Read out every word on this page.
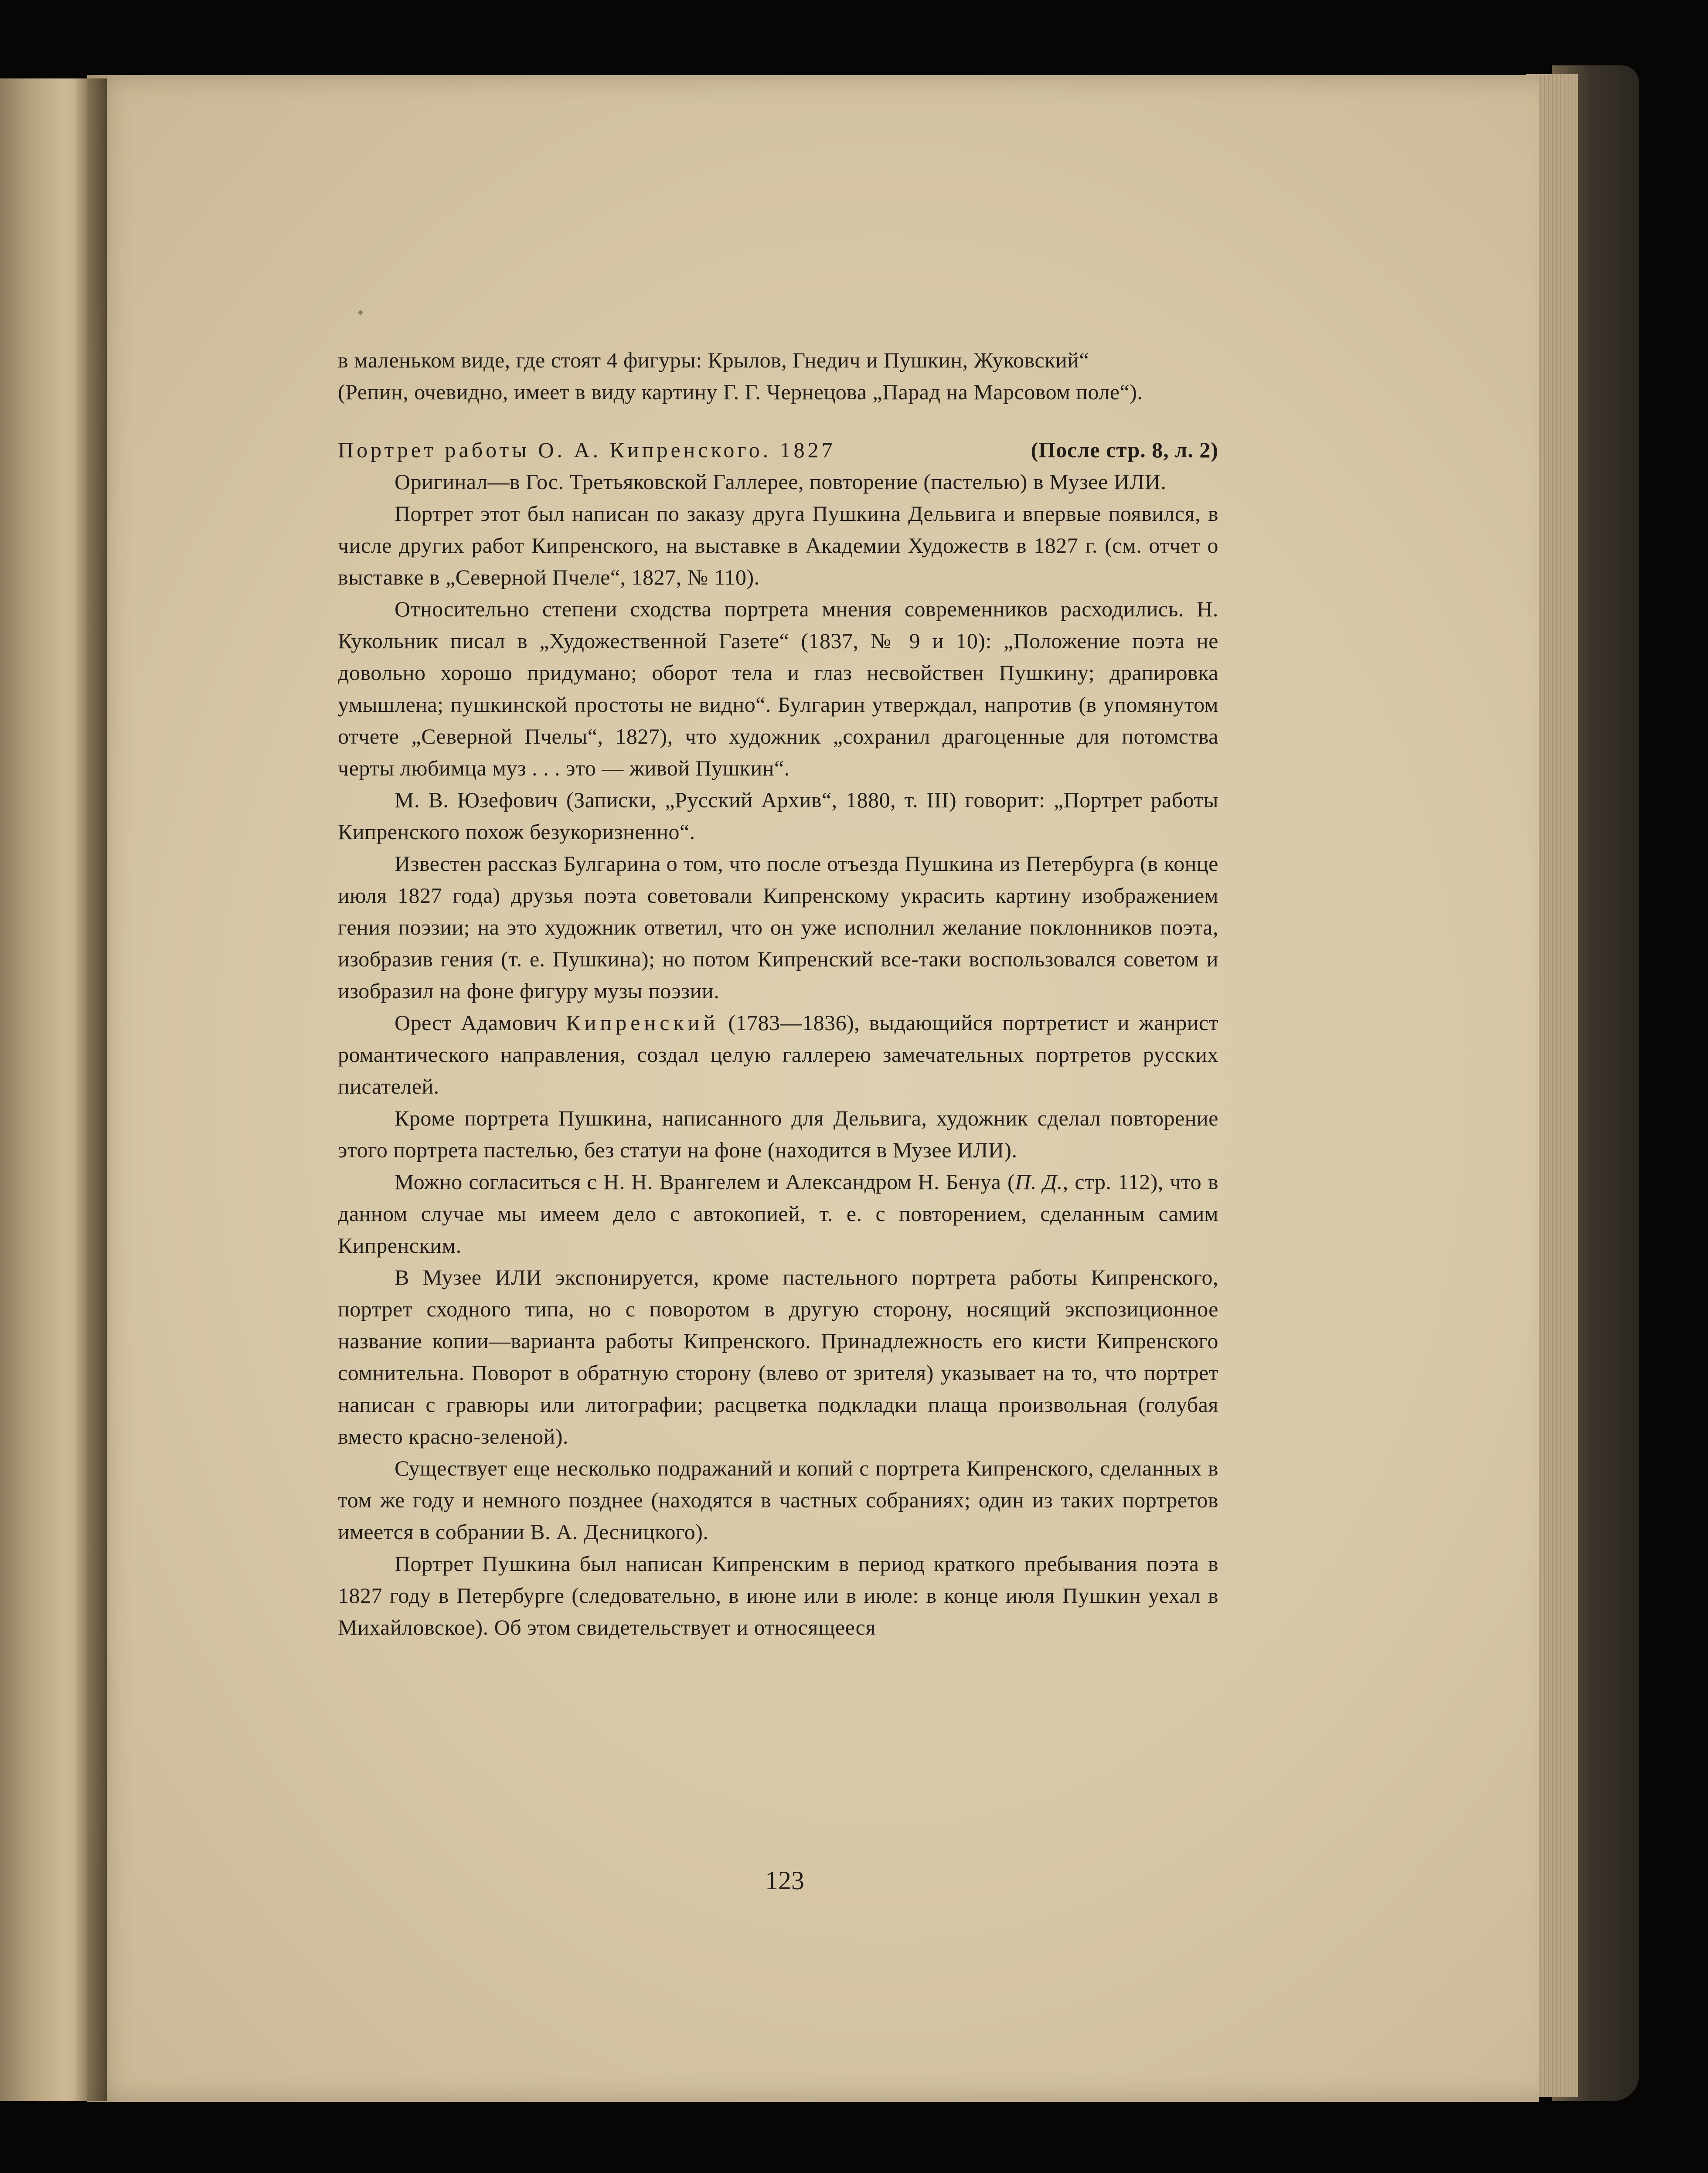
в маленьком виде, где стоят 4 фигуры: Крылов, Гнедич и Пушкин, Жуковский“

(Репин, очевидно, имеет в виду картину Г. Г. Чернецова „Парад на Марсовом поле“).

Портрет работы О. А. Кипренского. 1827	(После стр. 8, л. 2)

Оригинал—в Гос. Третьяковской Галлерее, повторение (пастелью) в Музее ИЛИ.

Портрет этот был написан по заказу друга Пушкина Дельвига и впервые появился, в числе других работ Кипренского, на выставке в Академии Художеств в 1827 г. (см. отчет о выставке в „Северной Пчеле“, 1827, № 110).

Относительно степени сходства портрета мнения современников расходились. Н. Кукольник писал в „Художественной Газете“ (1837, № 9 и 10): „Положение поэта не довольно хорошо придумано; оборот тела и глаз несвойствен Пушкину; драпировка умышлена; пушкинской простоты не видно“. Булгарин утверждал, напротив (в упомянутом отчете „Северной Пчелы“, 1827), что художник „сохранил драгоценные для потомства черты любимца муз . . . это — живой Пушкин“.

М. В. Юзефович (Записки, „Русский Архив“, 1880, т. III) говорит: „Портрет работы Кипренского похож безукоризненно“.

Известен рассказ Булгарина о том, что после отъезда Пушкина из Петербурга (в конце июля 1827 года) друзья поэта советовали Кипренскому украсить картину изображением гения поэзии; на это художник ответил, что он уже исполнил желание поклонников поэта, изобразив гения (т. е. Пушкина); но потом Кипренский все-таки воспользовался советом и изобразил на фоне фигуру музы поэзии.

Орест Адамович Кипренский (1783—1836), выдающийся портретист и жанрист романтического направления, создал целую галлерею замечательных портретов русских писателей.

Кроме портрета Пушкина, написанного для Дельвига, художник сделал повторение этого портрета пастелью, без статуи на фоне (находится в Музее ИЛИ).

Можно согласиться с Н. Н. Врангелем и Александром Н. Бенуа (П. Д., стр. 112), что в данном случае мы имеем дело с автокопией, т. е. с повторением, сделанным самим Кипренским.

В Музее ИЛИ экспонируется, кроме пастельного портрета работы Кипренского, портрет сходного типа, но с поворотом в другую сторону, носящий экспозиционное название копии—варианта работы Кипренского. Принадлежность его кисти Кипренского сомнительна. Поворот в обратную сторону (влево от зрителя) указывает на то, что портрет написан с гравюры или литографии; расцветка подкладки плаща произвольная (голубая вместо красно-зеленой).

Существует еще несколько подражаний и копий с портрета Кипренского, сделанных в том же году и немного позднее (находятся в частных собраниях; один из таких портретов имеется в собрании В. А. Десницкого).

Портрет Пушкина был написан Кипренским в период краткого пребывания поэта в 1827 году в Петербурге (следовательно, в июне или в июле: в конце июля Пушкин уехал в Михайловское). Об этом свидетельствует и относящееся

123
